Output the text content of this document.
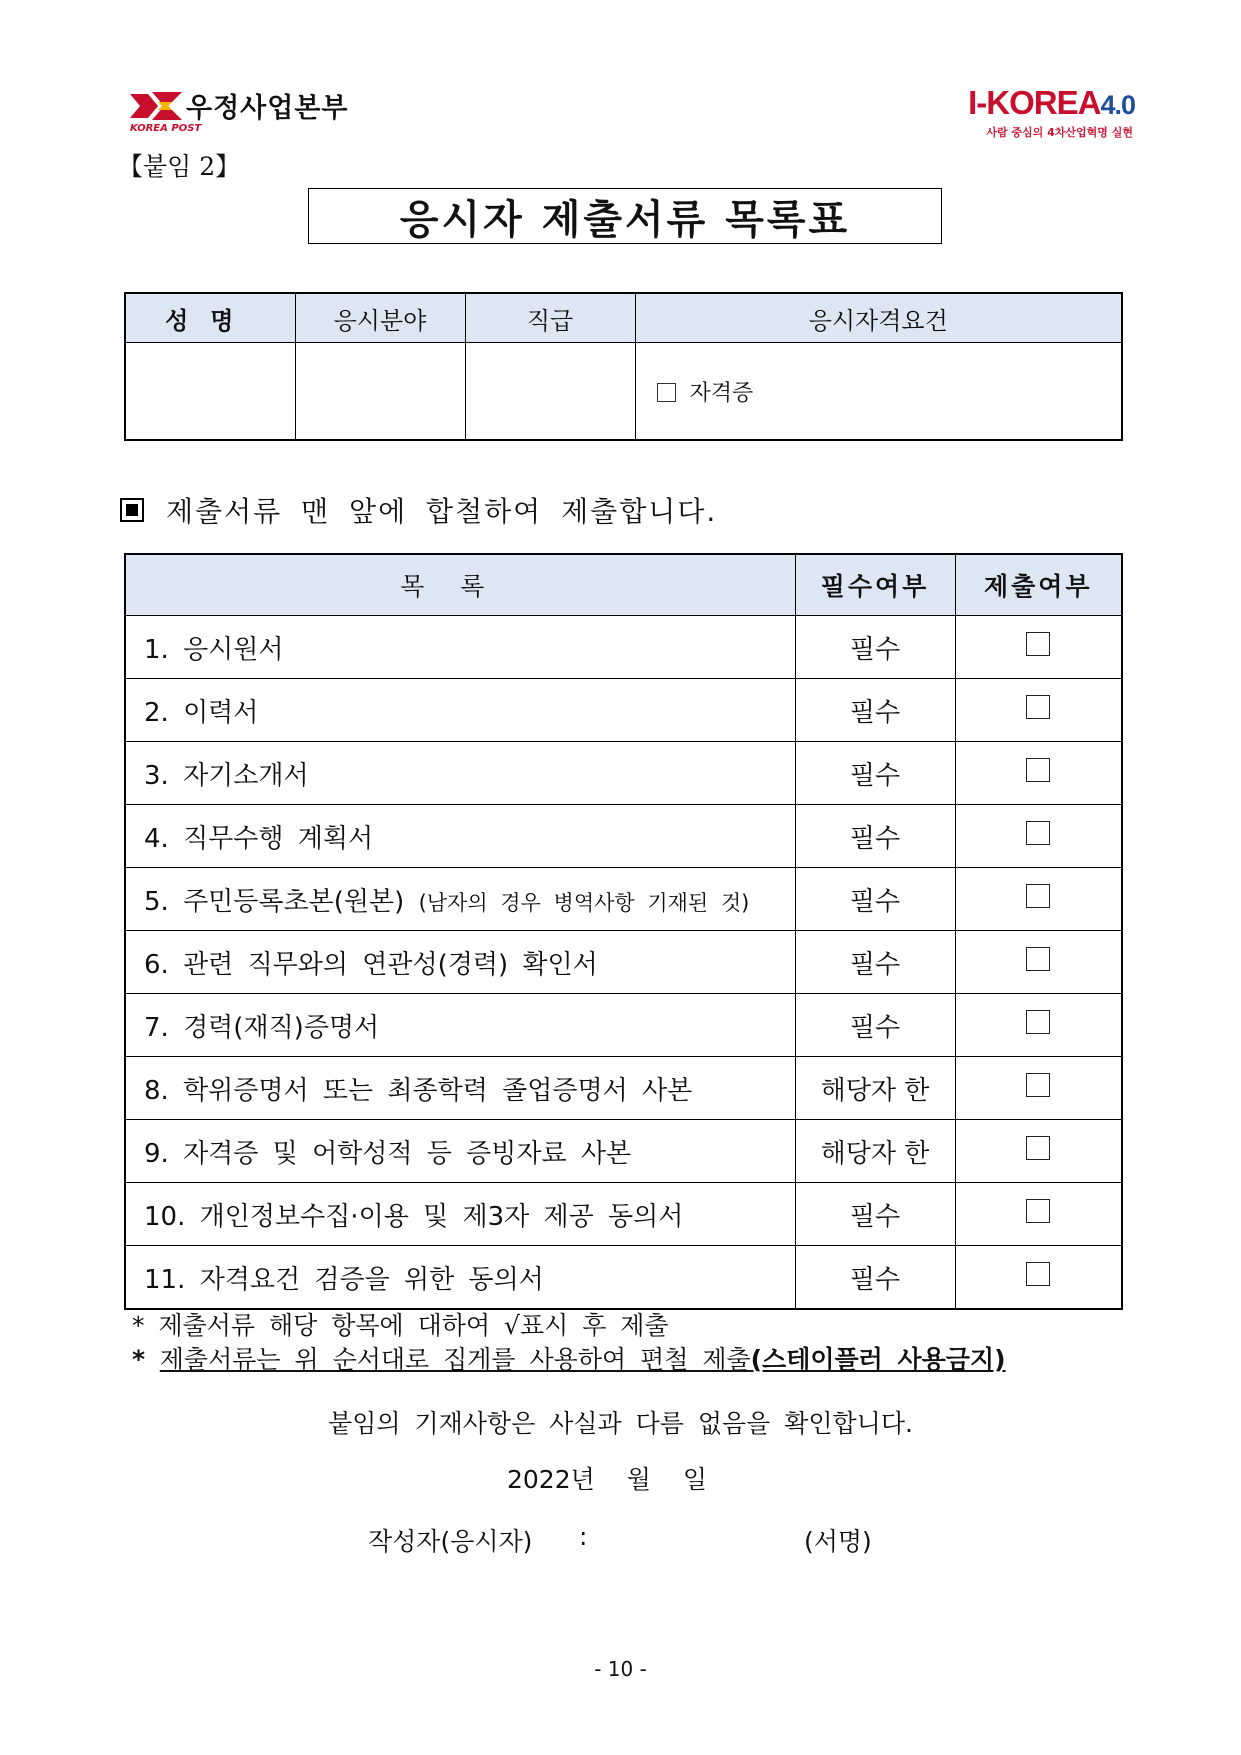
우정사업본부
KOREA POST
I-KOREA4.0
사람 중심의 4차산업혁명 실현
【붙임 2】
응시자 제출서류 목록표
성명	응시분야	직급	응시자격요건
			자격증
제출서류 맨 앞에 합철하여 제출합니다.
목록	필수여부	제출여부
1. 응시원서	필수	
2. 이력서	필수	
3. 자기소개서	필수	
4. 직무수행 계획서	필수	
5. 주민등록초본(원본) (남자의 경우 병역사항 기재된 것)	필수	
6. 관련 직무와의 연관성(경력) 확인서	필수	
7. 경력(재직)증명서	필수	
8. 학위증명서 또는 최종학력 졸업증명서 사본	해당자 한	
9. 자격증 및 어학성적 등 증빙자료 사본	해당자 한	
10. 개인정보수집·이용 및 제3자 제공 동의서	필수	
11. 자격요건 검증을 위한 동의서	필수	
* 제출서류 해당 항목에 대하여 √표시 후 제출
* 제출서류는 위 순서대로 집게를 사용하여 편철 제출(스테이플러 사용금지)
붙임의 기재사항은 사실과 다름 없음을 확인합니다.
2022년 월 일
작성자(응시자) :	(서명)
- 10 -
